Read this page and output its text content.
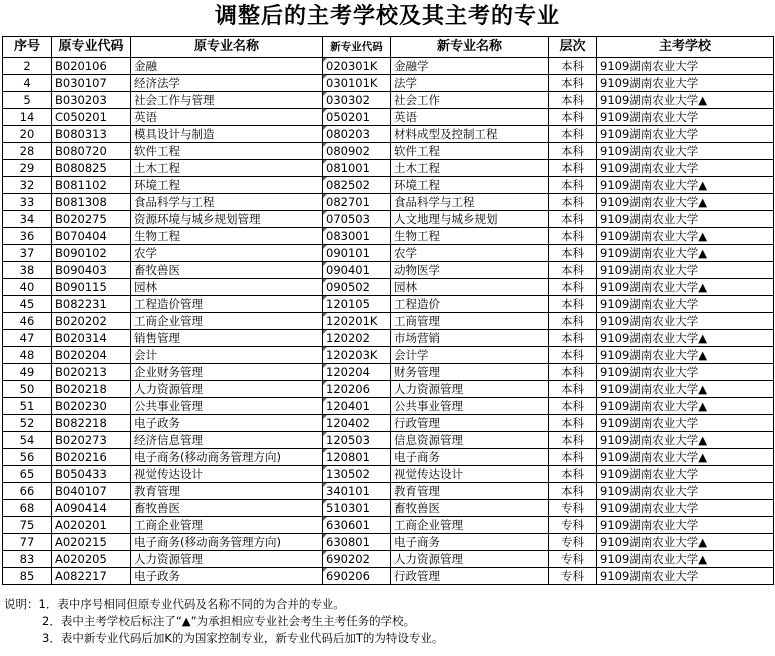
调整后的主考学校及其主考的专业
序号	原专业代码	原专业名称	新专业代码	新专业名称	层次	主考学校
2	B020106	金融	020301K	金融学	本科	9109湖南农业大学
4	B030107	经济法学	030101K	法学	本科	9109湖南农业大学
5	B030203	社会工作与管理	030302	社会工作	本科	9109湖南农业大学▲
14	C050201	英语	050201	英语	本科	9109湖南农业大学
20	B080313	模具设计与制造	080203	材料成型及控制工程	本科	9109湖南农业大学
28	B080720	软件工程	080902	软件工程	本科	9109湖南农业大学
29	B080825	土木工程	081001	土木工程	本科	9109湖南农业大学
32	B081102	环境工程	082502	环境工程	本科	9109湖南农业大学▲
33	B081308	食品科学与工程	082701	食品科学与工程	本科	9109湖南农业大学▲
34	B020275	资源环境与城乡规划管理	070503	人文地理与城乡规划	本科	9109湖南农业大学
36	B070404	生物工程	083001	生物工程	本科	9109湖南农业大学▲
37	B090102	农学	090101	农学	本科	9109湖南农业大学▲
38	B090403	畜牧兽医	090401	动物医学	本科	9109湖南农业大学
40	B090115	园林	090502	园林	本科	9109湖南农业大学▲
45	B082231	工程造价管理	120105	工程造价	本科	9109湖南农业大学
46	B020202	工商企业管理	120201K	工商管理	本科	9109湖南农业大学
47	B020314	销售管理	120202	市场营销	本科	9109湖南农业大学▲
48	B020204	会计	120203K	会计学	本科	9109湖南农业大学▲
49	B020213	企业财务管理	120204	财务管理	本科	9109湖南农业大学
50	B020218	人力资源管理	120206	人力资源管理	本科	9109湖南农业大学▲
51	B020230	公共事业管理	120401	公共事业管理	本科	9109湖南农业大学▲
52	B082218	电子政务	120402	行政管理	本科	9109湖南农业大学
54	B020273	经济信息管理	120503	信息资源管理	本科	9109湖南农业大学▲
56	B020216	电子商务(移动商务管理方向)	120801	电子商务	本科	9109湖南农业大学▲
65	B050433	视觉传达设计	130502	视觉传达设计	本科	9109湖南农业大学
66	B040107	教育管理	340101	教育管理	本科	9109湖南农业大学
68	A090414	畜牧兽医	510301	畜牧兽医	专科	9109湖南农业大学
75	A020201	工商企业管理	630601	工商企业管理	专科	9109湖南农业大学
77	A020215	电子商务(移动商务管理方向)	630801	电子商务	专科	9109湖南农业大学▲
83	A020205	人力资源管理	690202	人力资源管理	专科	9109湖南农业大学▲
85	A082217	电子政务	690206	行政管理	专科	9109湖南农业大学
说明：1．表中序号相同但原专业代码及名称不同的为合并的专业。
2．表中主考学校后标注了“▲”为承担相应专业社会考生主考任务的学校。
3．表中新专业代码后加K的为国家控制专业，新专业代码后加T的为特设专业。
